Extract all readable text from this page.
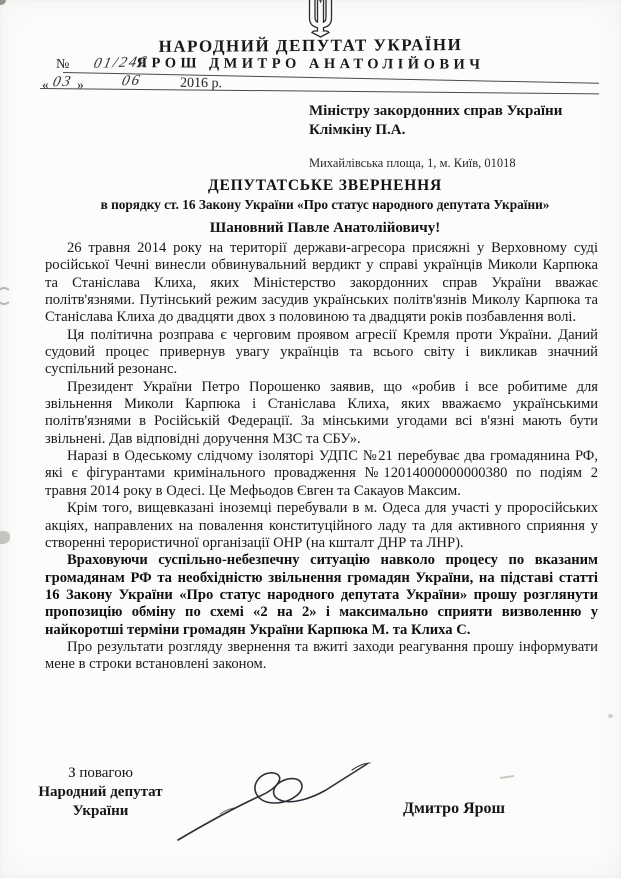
НАРОДНИЙ ДЕПУТАТ УКРАЇНИ
ЯРОШ ДМИТРО АНАТОЛІЙОВИЧ
№ 01/246
« 03 » 06	2016 р.
Міністру закордонних справ України
Клімкіну П.А.
Михайлівська площа, 1, м. Київ, 01018
ДЕПУТАТСЬКЕ ЗВЕРНЕННЯ
в порядку ст. 16 Закону України «Про статус народного депутата України»
Шановний Павле Анатолійовичу!

26 травня 2014 року на території держави-агресора присяжні у Верховному суді російської Чечні винесли обвинувальний вердикт у справі українців Миколи Карпюка та Станіслава Клиха, яких Міністерство закордонних справ України вважає політв'язнями. Путінський режим засудив українських політв'язнів Миколу Карпюка та Станіслава Клиха до двадцяти двох з половиною та двадцяти років позбавлення волі.

Ця політична розправа є черговим проявом агресії Кремля проти України. Даний судовий процес привернув увагу українців та всього світу і викликав значний суспільний резонанс.

Президент України Петро Порошенко заявив, що «робив і все робитиме для звільнення Миколи Карпюка і Станіслава Клиха, яких вважаємо українськими політв'язнями в Російській Федерації. За мінськими угодами всі в'язні мають бути звільнені. Дав відповідні доручення МЗС та СБУ».

Наразі в Одеському слідчому ізоляторі УДПС №21 перебуває два громадянина РФ, які є фігурантами кримінального провадження №12014000000000380 по подіям 2 травня 2014 року в Одесі. Це Мефьодов Євген та Сакауов Максим.

Крім того, вищевказані іноземці перебували в м. Одеса для участі у проросійських акціях, направлених на повалення конституційного ладу та для активного сприяння у створенні терористичної організації ОНР (на кшталт ДНР та ЛНР).

Враховуючи суспільно-небезпечну ситуацію навколо процесу по вказаним громадянам РФ та необхідністю звільнення громадян України, на підставі статті 16 Закону України «Про статус народного депутата України» прошу розглянути пропозицію обміну по схемі «2 на 2» і максимально сприяти визволенню у найкоротші терміни громадян України Карпюка М. та Клиха С.

Про результати розгляду звернення та вжиті заходи реагування прошу інформувати мене в строки встановлені законом.

З повагою
Народний депутат
України	Дмитро Ярош
